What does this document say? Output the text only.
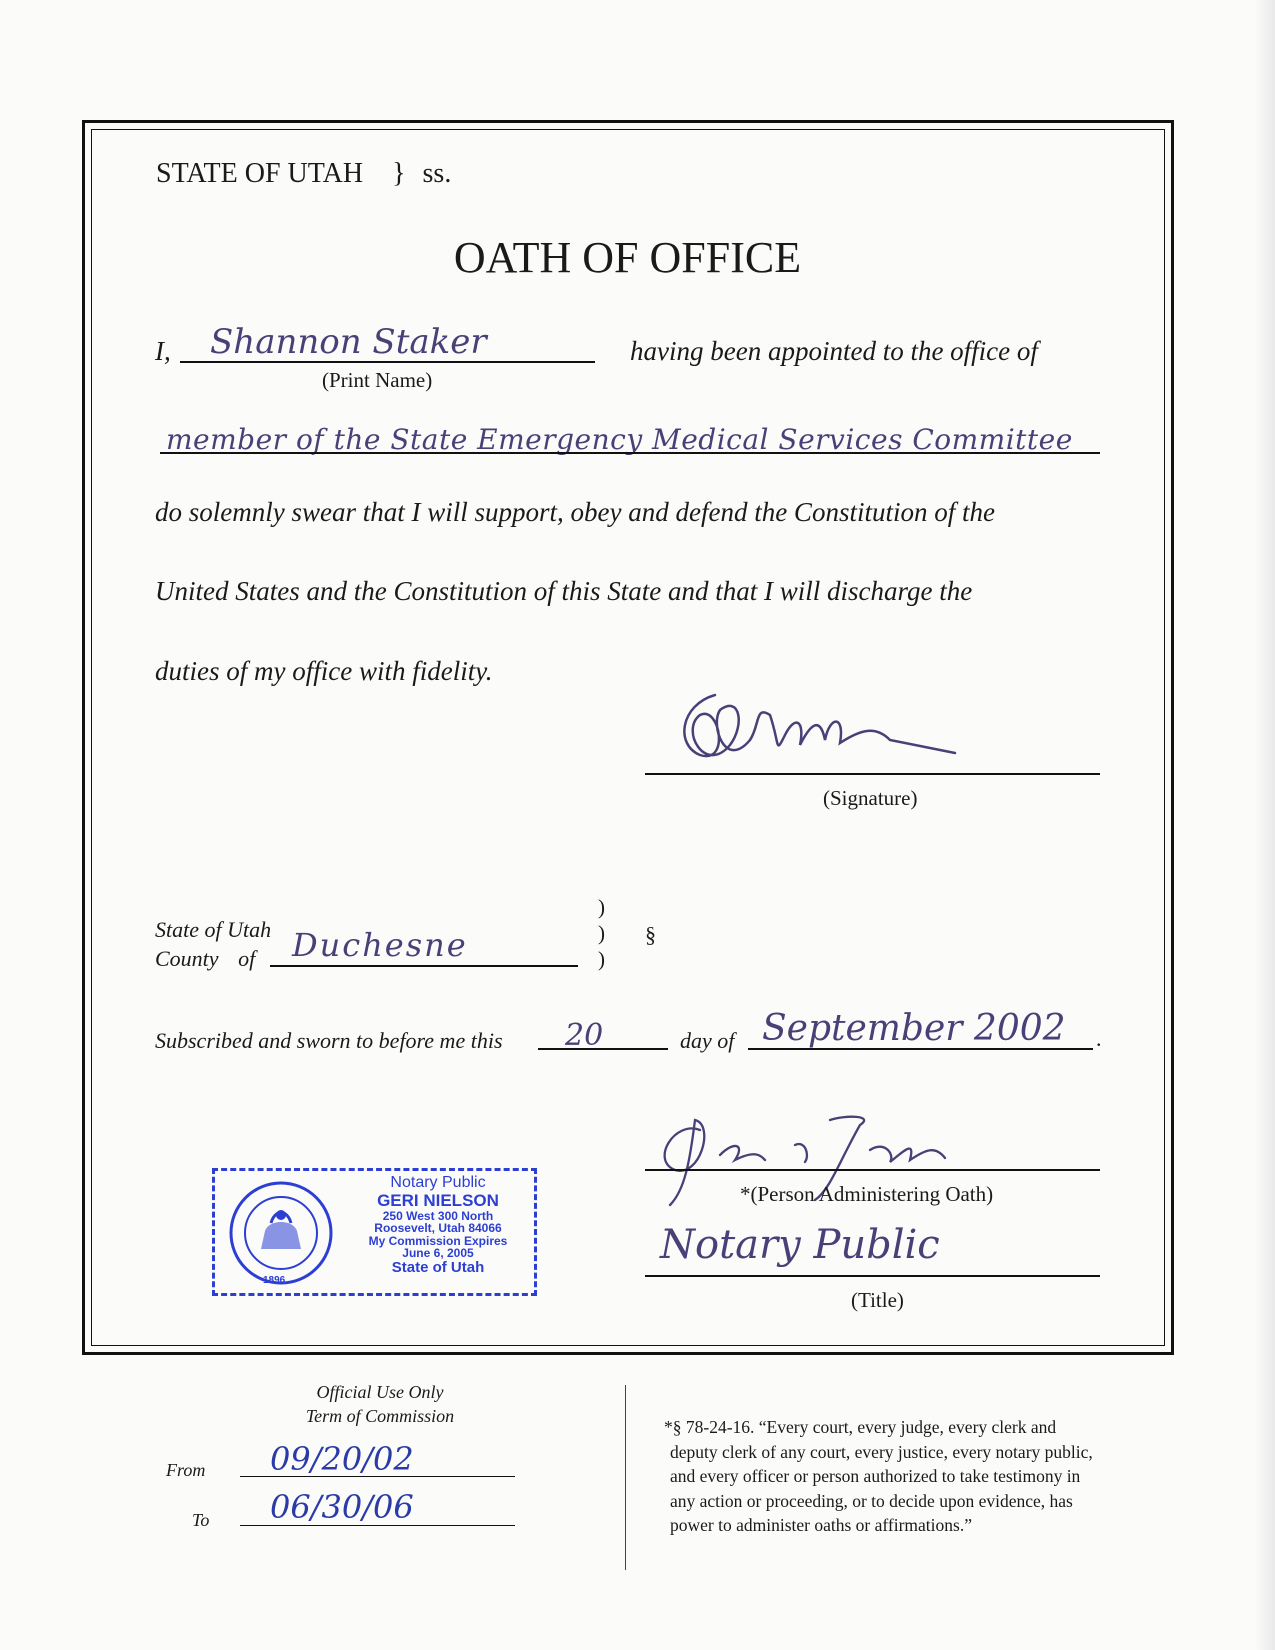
STATE OF UTAH } ss.
OATH OF OFFICE
I, Shannon Staker
(Print Name)
having been appointed to the office of
member of the State Emergency Medical Services Committee
do solemnly swear that I will support, obey and defend the Constitution of the
United States and the Constitution of this State and that I will discharge the
duties of my office with fidelity.
(Signature)
State of Utah
County of Duchesne
)
)
)
§
Subscribed and sworn to before me this 20	day of September 2002 .
*(Person Administering Oath)
Notary Public
(Title)
1896
Notary Public
GERI NIELSON
250 West 300 North
Roosevelt, Utah 84066
My Commission Expires
June 6, 2005
State of Utah
Official Use Only
Term of Commission
From 09/20/02
To 06/30/06
*§ 78-24-16. “Every court, every judge, every clerk and
deputy clerk of any court, every justice, every notary public,
and every officer or person authorized to take testimony in
any action or proceeding, or to decide upon evidence, has
power to administer oaths or affirmations.”
